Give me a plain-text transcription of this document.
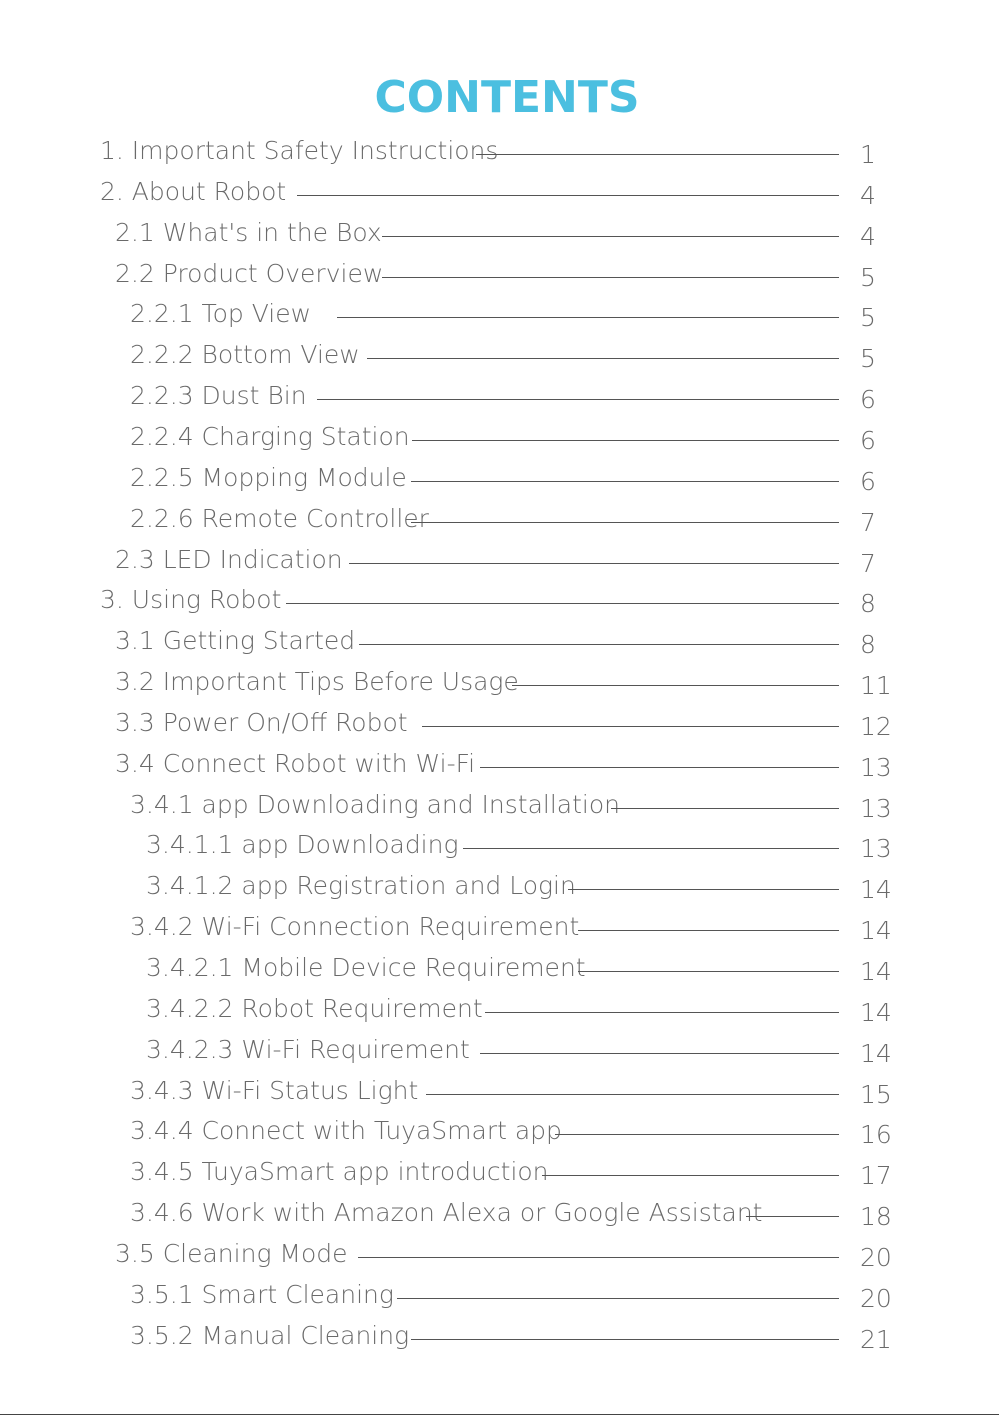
CONTENTS
1. Important Safety Instructions	1
2. About Robot	4
2.1 What's in the Box	4
2.2 Product Overview	5
2.2.1 Top View	5
2.2.2 Bottom View	5
2.2.3 Dust Bin	6
2.2.4 Charging Station	6
2.2.5 Mopping Module	6
2.2.6 Remote Controller	7
2.3 LED Indication	7
3. Using Robot	8
3.1 Getting Started	8
3.2 Important Tips Before Usage	11
3.3 Power On/Off Robot	12
3.4 Connect Robot with Wi-Fi	13
3.4.1 app Downloading and Installation	13
3.4.1.1 app Downloading	13
3.4.1.2 app Registration and Login	14
3.4.2 Wi-Fi Connection Requirement	14
3.4.2.1 Mobile Device Requirement	14
3.4.2.2 Robot Requirement	14
3.4.2.3 Wi-Fi Requirement	14
3.4.3 Wi-Fi Status Light	15
3.4.4 Connect with TuyaSmart app	16
3.4.5 TuyaSmart app introduction	17
3.4.6 Work with Amazon Alexa or Google Assistant	18
3.5 Cleaning Mode	20
3.5.1 Smart Cleaning	20
3.5.2 Manual Cleaning	21
